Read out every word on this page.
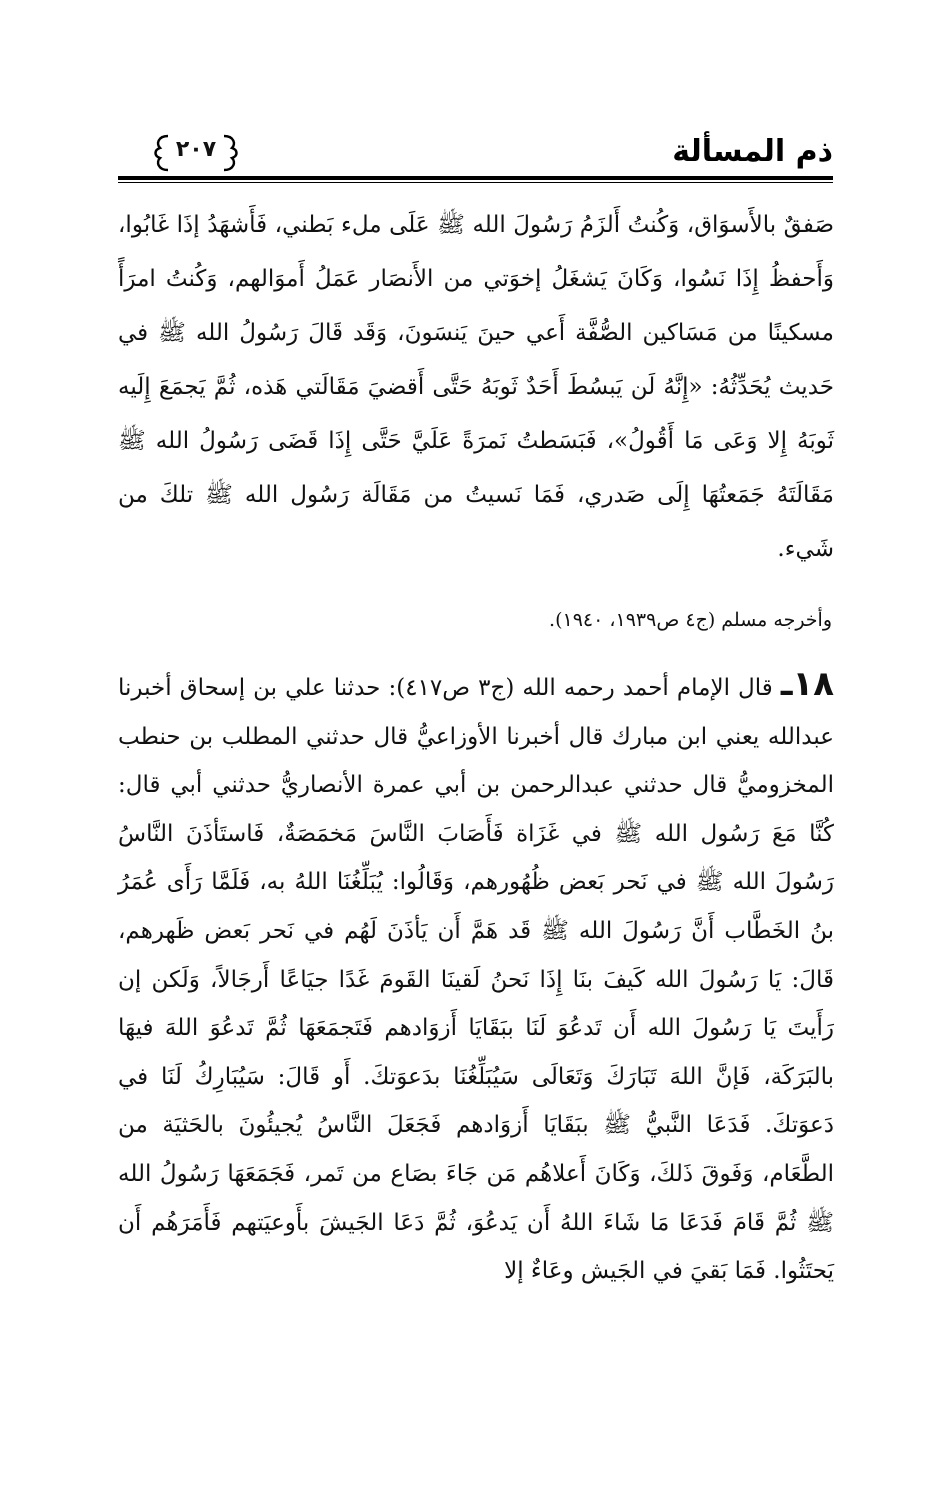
ذم المسألة
٢٠٧
صَفقٌ بالأَسوَاق، وَكُنتُ أَلزَمُ رَسُولَ الله ﷺ عَلَى ملء بَطني، فَأَشهَدُ إذَا غَابُوا، وَأَحفظُ إِذَا نَسُوا، وَكَانَ يَشغَلُ إخوَتي من الأَنصَار عَمَلُ أَموَالهم، وَكُنتُ امرَأً مسكينًا من مَسَاكين الصُّفَّة أَعي حينَ يَنسَونَ، وَقَد قَالَ رَسُولُ الله ﷺ في حَديث يُحَدِّثُهُ: «إِنَّهُ لَن يَبسُطَ أَحَدٌ ثَوبَهُ حَتَّى أَقضيَ مَقَالَتي هَذه، ثُمَّ يَجمَعَ إِلَيه ثَوبَهُ إِلا وَعَى مَا أَقُولُ»، فَبَسَطتُ نَمرَةً عَلَيَّ حَتَّى إِذَا قَضَى رَسُولُ الله ﷺ مَقَالَتَهُ جَمَعتُهَا إِلَى صَدري، فَمَا نَسيتُ من مَقَالَة رَسُول الله ﷺ تلكَ من شَيء.
وأخرجه مسلم (ج٤ ص١٩٣٩، ١٩٤٠).
١٨ـ قال الإمام أحمد رحمه الله (ج٣ ص٤١٧): حدثنا علي بن إسحاق أخبرنا عبدالله يعني ابن مبارك قال أخبرنا الأوزاعيُّ قال حدثني المطلب بن حنطب المخزوميُّ قال حدثني عبدالرحمن بن أبي عمرة الأنصاريُّ حدثني أبي قال: كُنَّا مَعَ رَسُول الله ﷺ في غَزَاة فَأَصَابَ النَّاسَ مَخمَصَةٌ، فَاستَأذَنَ النَّاسُ رَسُولَ الله ﷺ في نَحر بَعض ظُهُورهم، وَقَالُوا: يُبَلِّغُنَا اللهُ به، فَلَمَّا رَأَى عُمَرُ بنُ الخَطَّاب أَنَّ رَسُولَ الله ﷺ قَد هَمَّ أَن يَأذَنَ لَهُم في نَحر بَعض ظَهرهم، قَالَ: يَا رَسُولَ الله كَيفَ بنَا إِذَا نَحنُ لَقينَا القَومَ غَدًا جيَاعًا أَرجَالاً، وَلَكن إن رَأَيتَ يَا رَسُولَ الله أَن تَدعُوَ لَنَا ببَقَايَا أَزوَادهم فَتَجمَعَهَا ثُمَّ تَدعُوَ اللهَ فيهَا بالبَرَكَة، فَإنَّ اللهَ تَبَارَكَ وَتَعَالَى سَيُبَلِّغُنَا بدَعوَتكَ. أَو قَالَ: سَيُبَارِكُ لَنَا في دَعوَتكَ. فَدَعَا النَّبيُّ ﷺ ببَقَايَا أَزوَادهم فَجَعَلَ النَّاسُ يُجيئُونَ بالحَثيَة من الطَّعَام، وَفَوقَ ذَلكَ، وَكَانَ أَعلاهُم مَن جَاءَ بصَاع من تَمر، فَجَمَعَهَا رَسُولُ الله ﷺ ثُمَّ قَامَ فَدَعَا مَا شَاءَ اللهُ أَن يَدعُوَ، ثُمَّ دَعَا الجَيشَ بأَوعيَتهم فَأَمَرَهُم أَن يَحتَثُوا. فَمَا بَقيَ في الجَيش وعَاءٌ إلا
